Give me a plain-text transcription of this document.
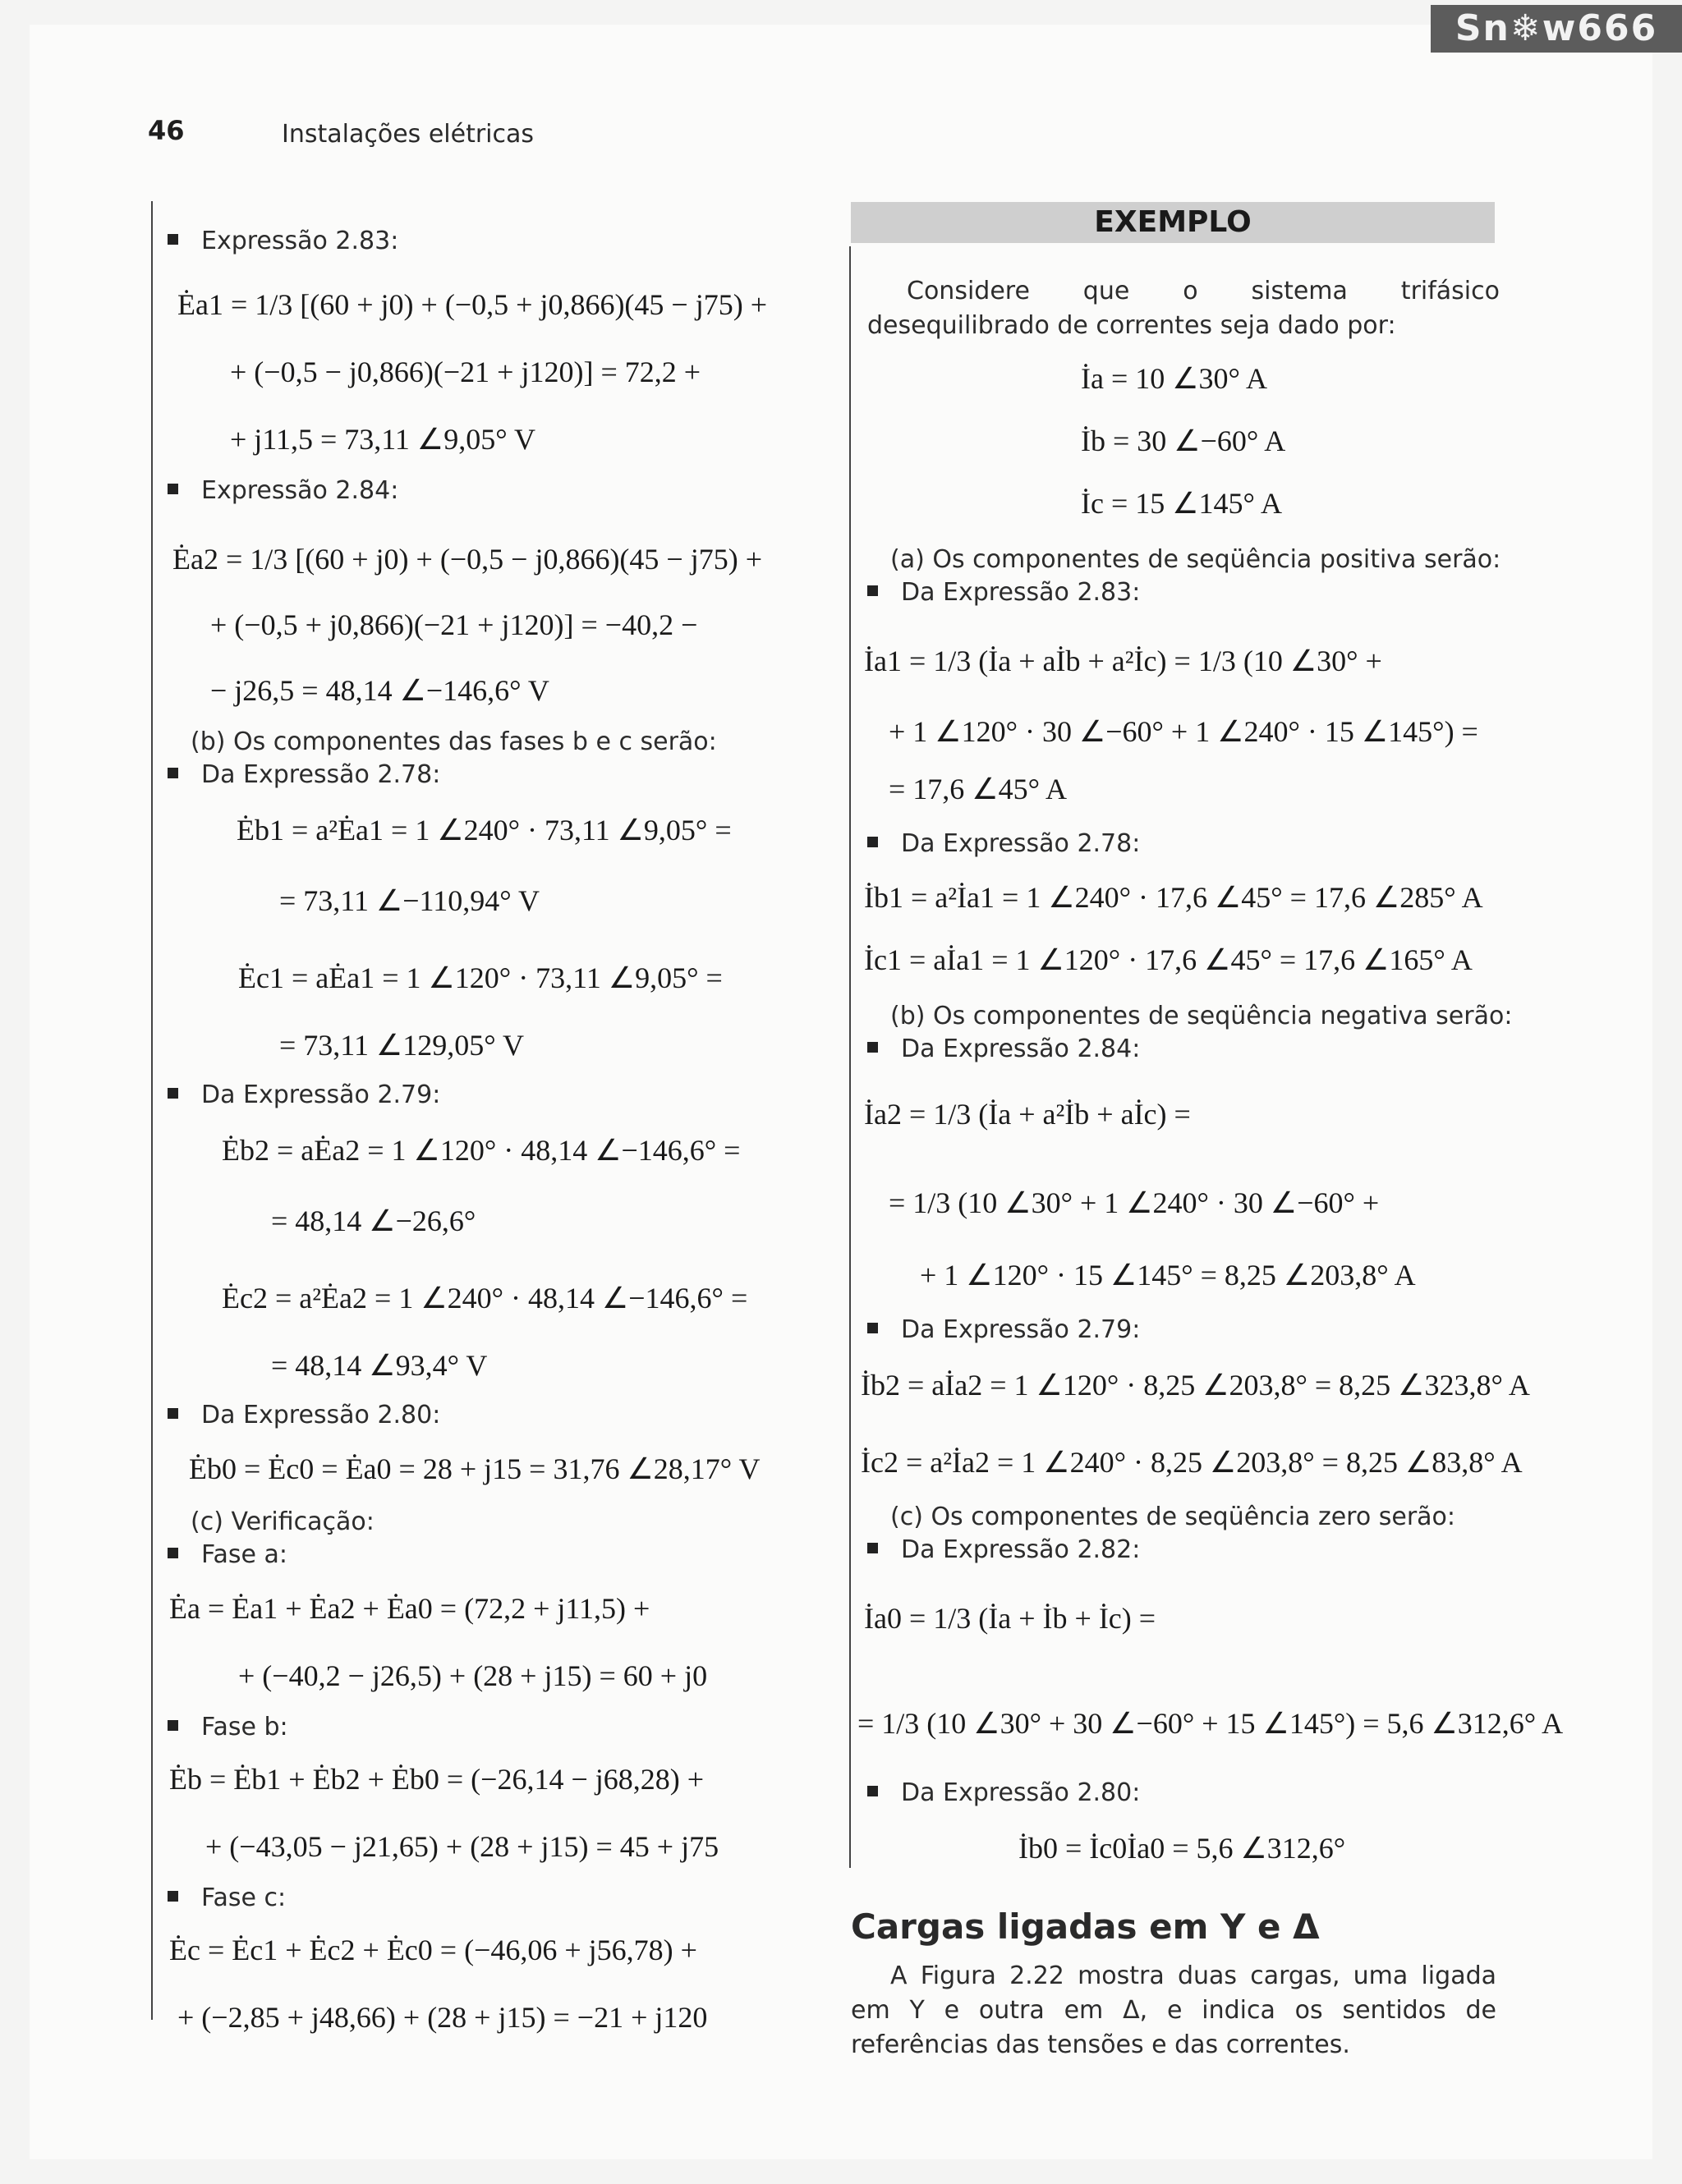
Sn❄w666
46	Instalações elétricas
Expressão 2.83:
Ėa1 = 1/3 [(60 + j0) + (−0,5 + j0,866)(45 − j75) +
+ (−0,5 − j0,866)(−21 + j120)] = 72,2 +
+ j11,5 = 73,11 ∠9,05° V
Expressão 2.84:
Ėa2 = 1/3 [(60 + j0) + (−0,5 − j0,866)(45 − j75) +
+ (−0,5 + j0,866)(−21 + j120)] = −40,2 −
− j26,5 = 48,14 ∠−146,6° V
(b) Os componentes das fases b e c serão:
Da Expressão 2.78:
Ėb1 = a²Ėa1 = 1 ∠240° · 73,11 ∠9,05° =
= 73,11 ∠−110,94° V
Ėc1 = aĖa1 = 1 ∠120° · 73,11 ∠9,05° =
= 73,11 ∠129,05° V
Da Expressão 2.79:
Ėb2 = aĖa2 = 1 ∠120° · 48,14 ∠−146,6° =
= 48,14 ∠−26,6°
Ėc2 = a²Ėa2 = 1 ∠240° · 48,14 ∠−146,6° =
= 48,14 ∠93,4° V
Da Expressão 2.80:
Ėb0 = Ėc0 = Ėa0 = 28 + j15 = 31,76 ∠28,17° V
(c) Verificação:
Fase a:
Ėa = Ėa1 + Ėa2 + Ėa0 = (72,2 + j11,5) +
+ (−40,2 − j26,5) + (28 + j15) = 60 + j0
Fase b:
Ėb = Ėb1 + Ėb2 + Ėb0 = (−26,14 − j68,28) +
+ (−43,05 − j21,65) + (28 + j15) = 45 + j75
Fase c:
Ėc = Ėc1 + Ėc2 + Ėc0 = (−46,06 + j56,78) +
+ (−2,85 + j48,66) + (28 + j15) = −21 + j120
EXEMPLO
Considere que o sistema trifásico desequilibrado de correntes seja dado por:
İa = 10 ∠30° A
İb = 30 ∠−60° A
İc = 15 ∠145° A
(a) Os componentes de seqüência positiva serão:
Da Expressão 2.83:
İa1 = 1/3 (İa + aİb + a²İc) = 1/3 (10 ∠30° +
+ 1 ∠120° · 30 ∠−60° + 1 ∠240° · 15 ∠145°) =
= 17,6 ∠45° A
Da Expressão 2.78:
İb1 = a²İa1 = 1 ∠240° · 17,6 ∠45° = 17,6 ∠285° A
İc1 = aİa1 = 1 ∠120° · 17,6 ∠45° = 17,6 ∠165° A
(b) Os componentes de seqüência negativa serão:
Da Expressão 2.84:
İa2 = 1/3 (İa + a²İb + aİc) =
= 1/3 (10 ∠30° + 1 ∠240° · 30 ∠−60° +
+ 1 ∠120° · 15 ∠145° = 8,25 ∠203,8° A
Da Expressão 2.79:
İb2 = aİa2 = 1 ∠120° · 8,25 ∠203,8° = 8,25 ∠323,8° A
İc2 = a²İa2 = 1 ∠240° · 8,25 ∠203,8° = 8,25 ∠83,8° A
(c) Os componentes de seqüência zero serão:
Da Expressão 2.82:
İa0 = 1/3 (İa + İb + İc) =
= 1/3 (10 ∠30° + 30 ∠−60° + 15 ∠145°) = 5,6 ∠312,6° A
Da Expressão 2.80:
İb0 = İc0İa0 = 5,6 ∠312,6°
Cargas ligadas em Y e Δ
A Figura 2.22 mostra duas cargas, uma ligada em Y e outra em Δ, e indica os sentidos de referências das tensões e das correntes.
